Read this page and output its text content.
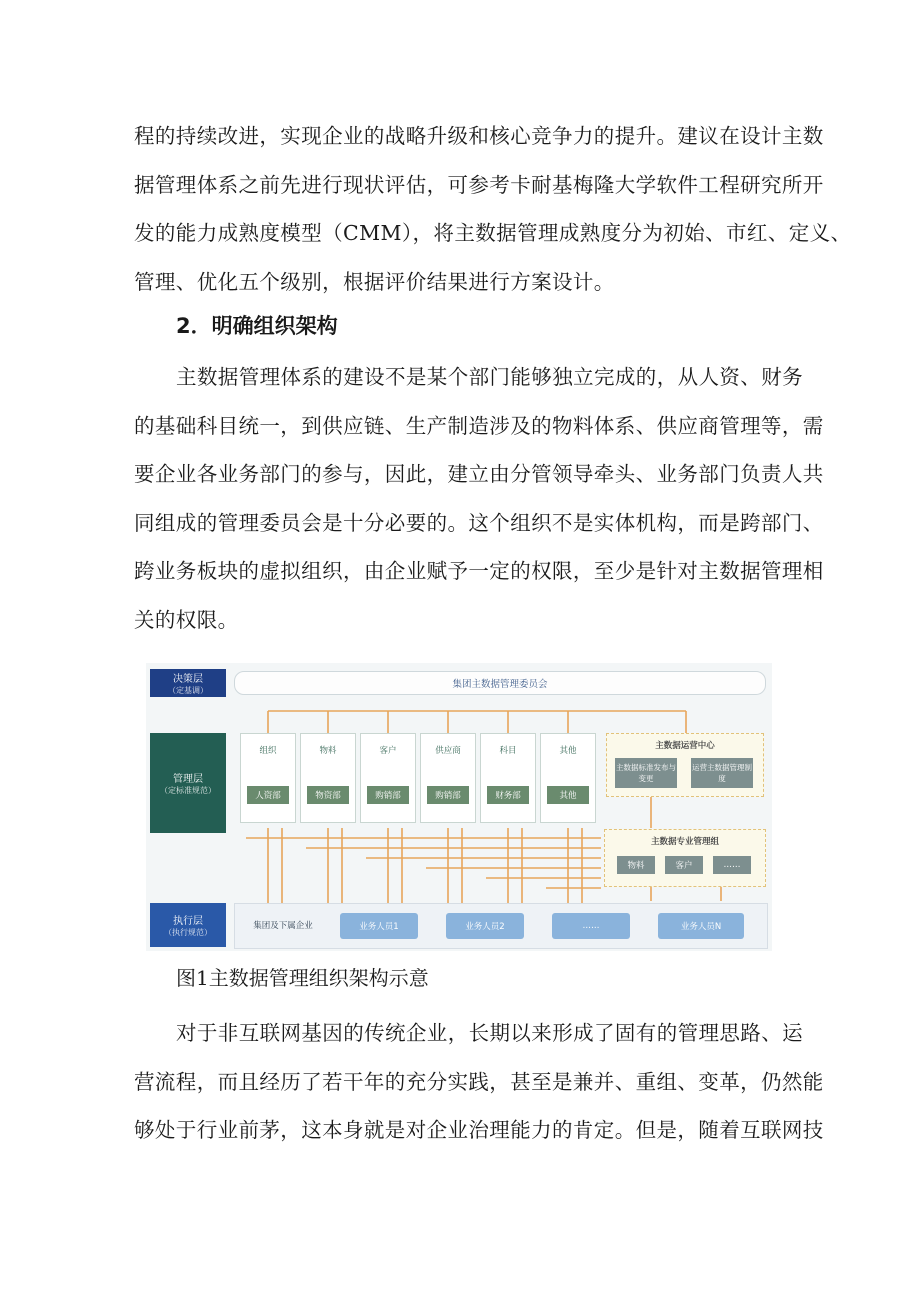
程的持续改进，实现企业的战略升级和核心竞争力的提升。建议在设计主数
据管理体系之前先进行现状评估，可参考卡耐基梅隆大学软件工程研究所开
发的能力成熟度模型（CMM），将主数据管理成熟度分为初始、市红、定义、
管理、优化五个级别，根据评价结果进行方案设计。
2．明确组织架构
主数据管理体系的建设不是某个部门能够独立完成的，从人资、财务
的基础科目统一，到供应链、生产制造涉及的物料体系、供应商管理等，需
要企业各业务部门的参与，因此，建立由分管领导牵头、业务部门负责人共
同组成的管理委员会是十分必要的。这个组织不是实体机构，而是跨部门、
跨业务板块的虚拟组织，由企业赋予一定的权限，至少是针对主数据管理相
关的权限。
决策层
（定基调）
集团主数据管理委员会
管理层
（定标准规范）
组织
人资部
物料
物资部
客户
购销部
供应商
购销部
科目
财务部
其他
其他
主数据运营中心
主数据标准发布与变更
运营主数据管理制度
主数据专业管理组
物料	客户	……
执行层
（执行规范）
集团及下属企业	业务人员1	业务人员2	……	业务人员N

图1主数据管理组织架构示意

对于非互联网基因的传统企业，长期以来形成了固有的管理思路、运
营流程，而且经历了若干年的充分实践，甚至是兼并、重组、变革，仍然能
够处于行业前茅，这本身就是对企业治理能力的肯定。但是，随着互联网技
